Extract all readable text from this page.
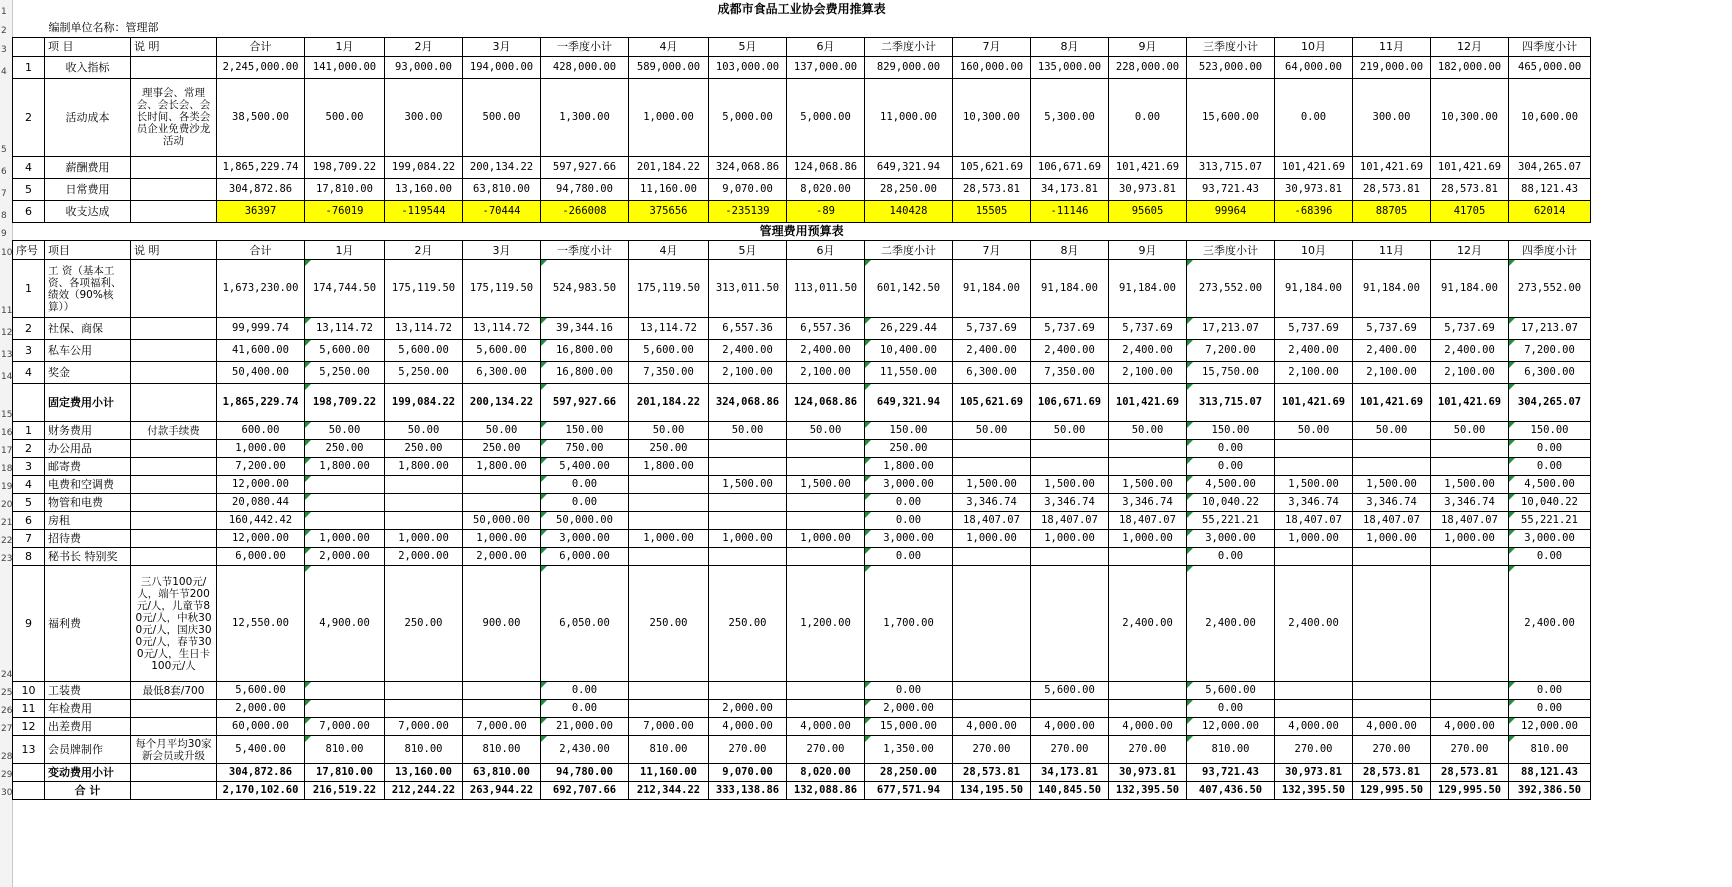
1
2
3
4
5
6
7
8
9
10
11
12
13
14
15
16
17
18
19
20
21
22
23
24
25
26
27
28
29
30
成都市食品工业协会费用推算表																			
编制单位名称：管理部																			
	项 目	说 明	合计	1月	2月	3月	一季度小计	4月	5月	6月	二季度小计	7月	8月	9月	三季度小计	10月	11月	12月	四季度小计
1	收入指标		2,245,000.00	141,000.00	93,000.00	194,000.00	428,000.00	589,000.00	103,000.00	137,000.00	829,000.00	160,000.00	135,000.00	228,000.00	523,000.00	64,000.00	219,000.00	182,000.00	465,000.00
2	活动成本	理事会、常理会、会长会、会长时间、各类会员企业免费沙龙活动	38,500.00	500.00	300.00	500.00	1,300.00	1,000.00	5,000.00	5,000.00	11,000.00	10,300.00	5,300.00	0.00	15,600.00	0.00	300.00	10,300.00	10,600.00
4	薪酬费用		1,865,229.74	198,709.22	199,084.22	200,134.22	597,927.66	201,184.22	324,068.86	124,068.86	649,321.94	105,621.69	106,671.69	101,421.69	313,715.07	101,421.69	101,421.69	101,421.69	304,265.07
5	日常费用		304,872.86	17,810.00	13,160.00	63,810.00	94,780.00	11,160.00	9,070.00	8,020.00	28,250.00	28,573.81	34,173.81	30,973.81	93,721.43	30,973.81	28,573.81	28,573.81	88,121.43
6	收支达成		36397	-76019	-119544	-70444	-266008	375656	-235139	-89	140428	15505	-11146	95605	99964	-68396	88705	41705	62014
管理费用预算表																			
序号	项目	说 明	合计	1月	2月	3月	一季度小计	4月	5月	6月	二季度小计	7月	8月	9月	三季度小计	10月	11月	12月	四季度小计
1	工 资（基本工资、各项福利、绩效（90%核算））		1,673,230.00	174,744.50	175,119.50	175,119.50	524,983.50	175,119.50	313,011.50	113,011.50	601,142.50	91,184.00	91,184.00	91,184.00	273,552.00	91,184.00	91,184.00	91,184.00	273,552.00
2	社保、商保		99,999.74	13,114.72	13,114.72	13,114.72	39,344.16	13,114.72	6,557.36	6,557.36	26,229.44	5,737.69	5,737.69	5,737.69	17,213.07	5,737.69	5,737.69	5,737.69	17,213.07
3	私车公用		41,600.00	5,600.00	5,600.00	5,600.00	16,800.00	5,600.00	2,400.00	2,400.00	10,400.00	2,400.00	2,400.00	2,400.00	7,200.00	2,400.00	2,400.00	2,400.00	7,200.00
4	奖金		50,400.00	5,250.00	5,250.00	6,300.00	16,800.00	7,350.00	2,100.00	2,100.00	11,550.00	6,300.00	7,350.00	2,100.00	15,750.00	2,100.00	2,100.00	2,100.00	6,300.00
	固定费用小计		1,865,229.74	198,709.22	199,084.22	200,134.22	597,927.66	201,184.22	324,068.86	124,068.86	649,321.94	105,621.69	106,671.69	101,421.69	313,715.07	101,421.69	101,421.69	101,421.69	304,265.07
1	财务费用	付款手续费	600.00	50.00	50.00	50.00	150.00	50.00	50.00	50.00	150.00	50.00	50.00	50.00	150.00	50.00	50.00	50.00	150.00
2	办公用品		1,000.00	250.00	250.00	250.00	750.00	250.00			250.00				0.00				0.00
3	邮寄费		7,200.00	1,800.00	1,800.00	1,800.00	5,400.00	1,800.00			1,800.00				0.00				0.00
4	电费和空调费		12,000.00				0.00		1,500.00	1,500.00	3,000.00	1,500.00	1,500.00	1,500.00	4,500.00	1,500.00	1,500.00	1,500.00	4,500.00
5	物管和电费		20,080.44				0.00				0.00	3,346.74	3,346.74	3,346.74	10,040.22	3,346.74	3,346.74	3,346.74	10,040.22
6	房租		160,442.42			50,000.00	50,000.00				0.00	18,407.07	18,407.07	18,407.07	55,221.21	18,407.07	18,407.07	18,407.07	55,221.21
7	招待费		12,000.00	1,000.00	1,000.00	1,000.00	3,000.00	1,000.00	1,000.00	1,000.00	3,000.00	1,000.00	1,000.00	1,000.00	3,000.00	1,000.00	1,000.00	1,000.00	3,000.00
8	秘书长 特别奖		6,000.00	2,000.00	2,000.00	2,000.00	6,000.00				0.00				0.00				0.00
9	福利费	三八节100元/人，端午节200元/人，儿童节80元/人，中秋300元/人，国庆300元/人，春节300元/人，生日卡100元/人	12,550.00	4,900.00	250.00	900.00	6,050.00	250.00	250.00	1,200.00	1,700.00			2,400.00	2,400.00	2,400.00			2,400.00
10	工装费	最低8套/700	5,600.00				0.00				0.00		5,600.00		5,600.00				0.00
11	年检费用		2,000.00				0.00		2,000.00		2,000.00				0.00				0.00
12	出差费用		60,000.00	7,000.00	7,000.00	7,000.00	21,000.00	7,000.00	4,000.00	4,000.00	15,000.00	4,000.00	4,000.00	4,000.00	12,000.00	4,000.00	4,000.00	4,000.00	12,000.00
13	会员牌制作	每个月平均30家新会员或升级	5,400.00	810.00	810.00	810.00	2,430.00	810.00	270.00	270.00	1,350.00	270.00	270.00	270.00	810.00	270.00	270.00	270.00	810.00
	变动费用小计		304,872.86	17,810.00	13,160.00	63,810.00	94,780.00	11,160.00	9,070.00	8,020.00	28,250.00	28,573.81	34,173.81	30,973.81	93,721.43	30,973.81	28,573.81	28,573.81	88,121.43
	合 计		2,170,102.60	216,519.22	212,244.22	263,944.22	692,707.66	212,344.22	333,138.86	132,088.86	677,571.94	134,195.50	140,845.50	132,395.50	407,436.50	132,395.50	129,995.50	129,995.50	392,386.50
